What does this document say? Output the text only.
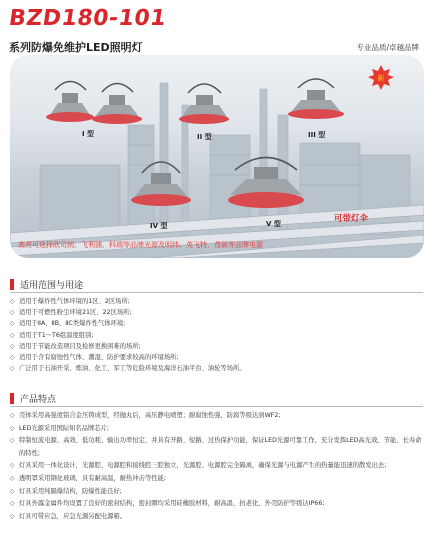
BZD180-101
系列防爆免维护LED照明灯	专业品质/卓越品牌
新
I 型	II 型	III 型
IV 型	V 型	可带灯伞
高亮可选择欧司朗、飞利浦、科瑞等品牌光源及明纬、英飞特、茂硕等品牌电源
适用范围与用途
◇ 适用于爆炸性气体环境的1区、2区场所;
◇ 适用于可燃性粉尘环境21区、22区场所;
◇ 适用于ⅡA、ⅡB、ⅡC类爆炸性气体环境;
◇ 适用于T1～T6组温度组别;
◇ 适用于节能改造项目及检修更换困难的场所;
◇ 适用于含有腐蚀性气体、潮湿、防护要求较高的环境场所;
◇ 广泛用于石油开采、炼油、化工、军工等危险环境及海洋石油平台、油轮等场所。
产品特点
◇ 壳体采用高强度铝合金压铸成型，经抛丸后，高压静电喷塑；耐腐蚀性强，防腐等级达到WF2;
◇ LED光源采用国际知名品牌芯片;
◇ 特制恒流电源、高效、低功耗、输出功率恒定，并具有开路、短路、过热保护功能，保证LED光源可靠工作，充分发挥LED高光效、节能、长寿命的特性;
◇ 灯具采用一体化设计，光源腔、电源腔和接线腔三腔独立，光源腔、电源腔完全隔离，确保光源与电源产生的热量能迅速的散发出去;
◇ 透明罩采用钢化玻璃，具有耐高温，耐热冲击等性能;
◇ 灯具采用纯隔爆结构，防爆性能良好;
◇ 灯具外露金属件均设置了良好的密封结构，密封圈均采用硅橡胶材料，耐高温、抗老化，外壳防护等级达IP66;
◇ 灯具可带应急，应急光源另配电源箱。
